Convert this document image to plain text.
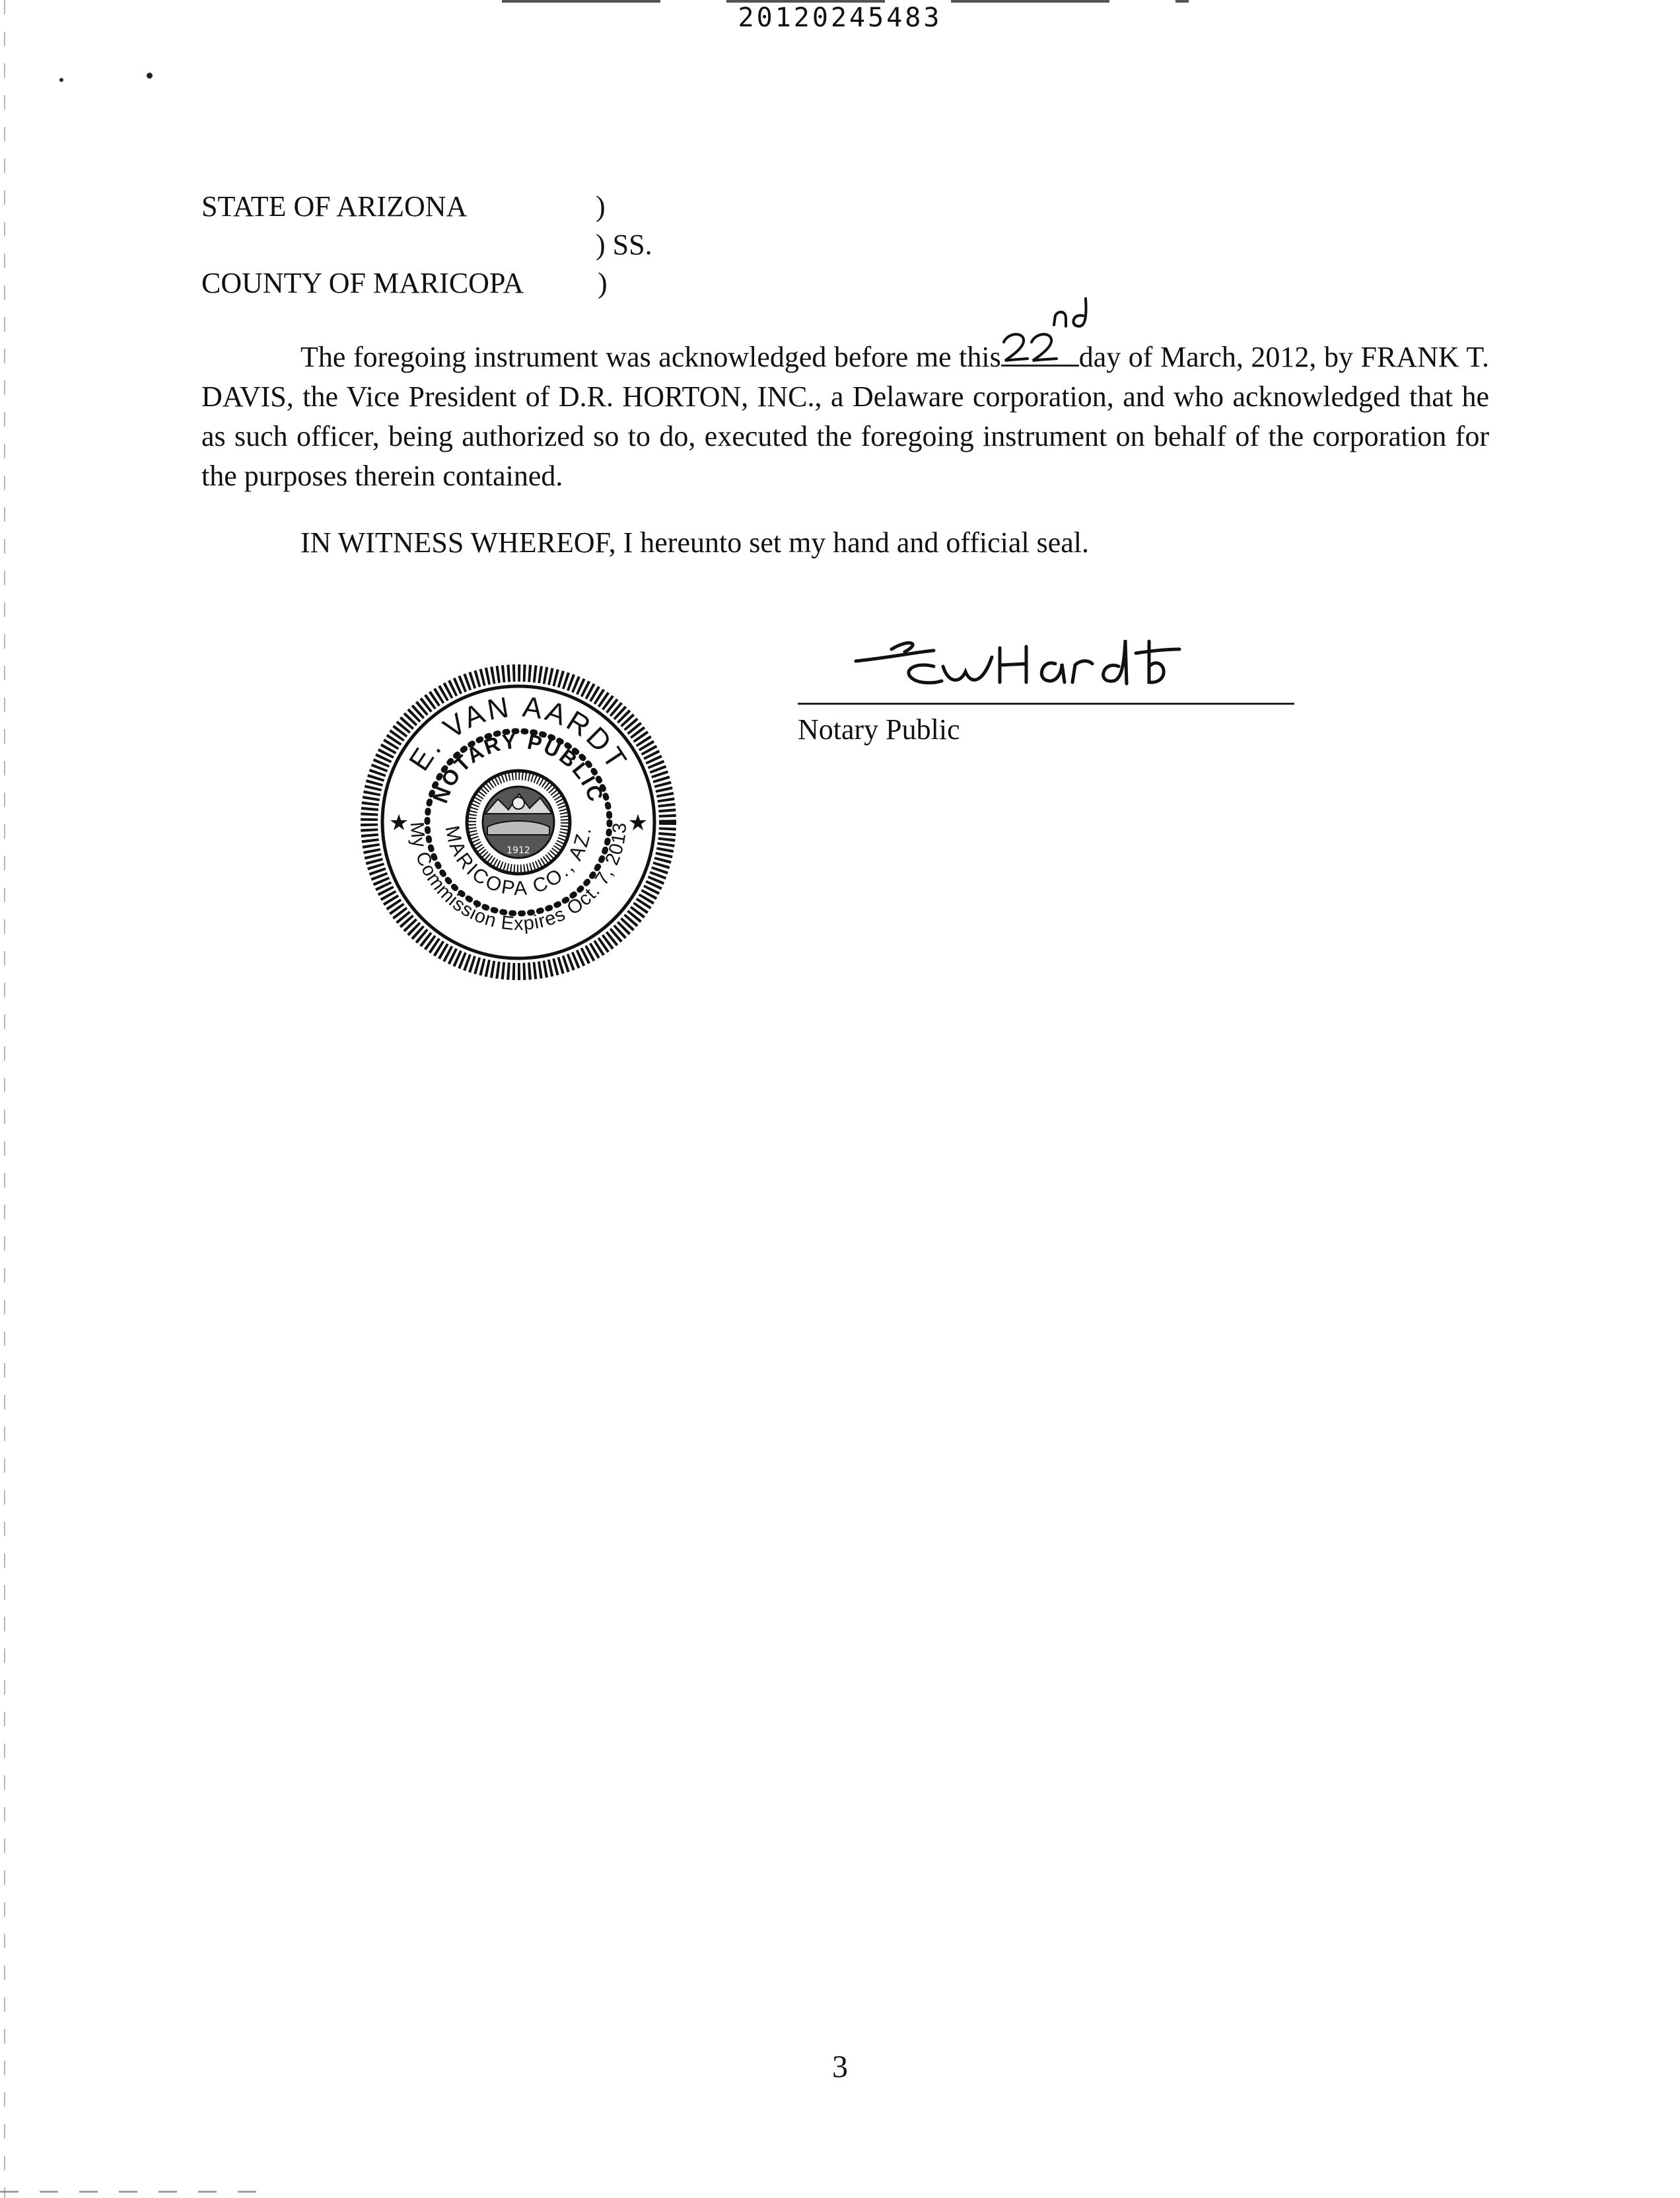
20120245483
STATE OF ARIZONA	)
) SS.
COUNTY OF MARICOPA	)
The foregoing instrument was acknowledged before me this	day of March, 2012, by FRANK T. DAVIS, the Vice President of D.R. HORTON, INC., a Delaware corporation, and who acknowledged that he as such officer, being authorized so to do, executed the foregoing instrument on behalf of the corporation for the purposes therein contained.
IN WITNESS WHEREOF, I hereunto set my hand and official seal.
Notary Public
E. VAN AARDT
My Commission Expires Oct. 7, 2013
NOTARY PUBLIC
MARICOPA CO., AZ.
★	★
1912
3
